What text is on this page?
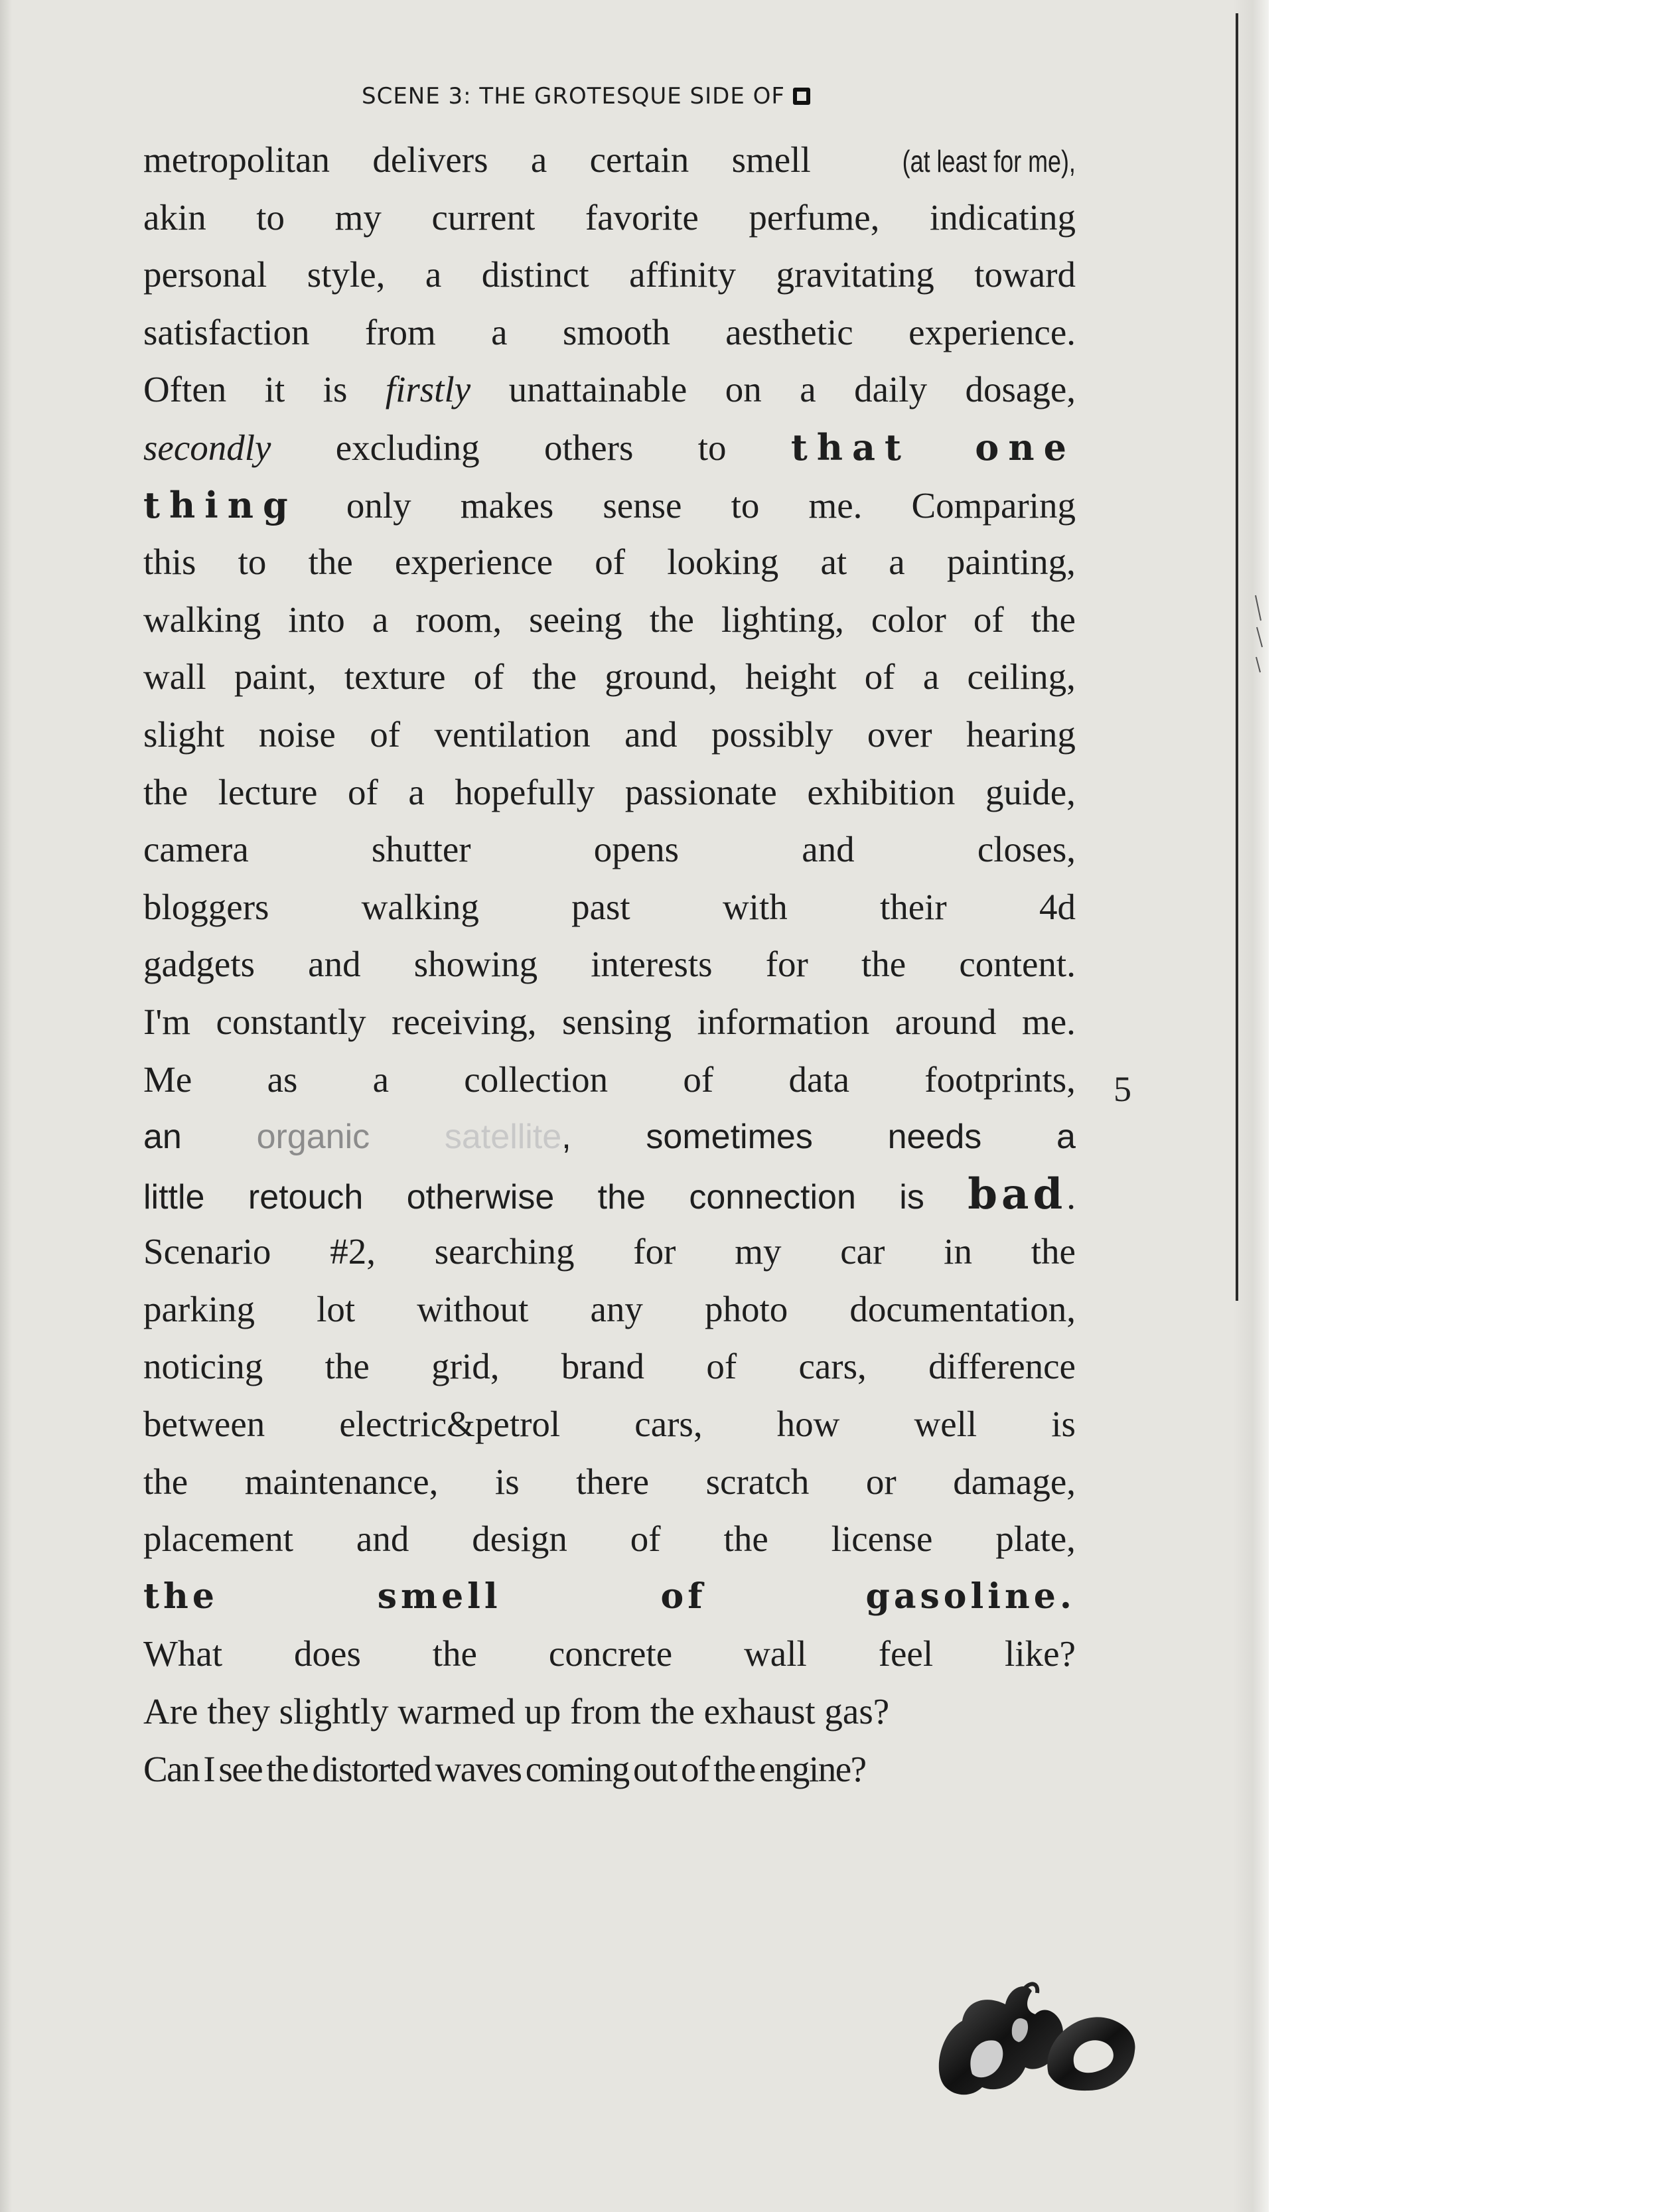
SCENE 3: THE GROTESQUE SIDE OF
metropolitan delivers a certain smell	(at least for me),
akin to my current favorite perfume, indicating
personal style, a distinct affinity gravitating toward
satisfaction from a smooth aesthetic experience.
Often it is firstly unattainable on a daily dosage,
secondly excluding others to that one
thing only makes sense to me. Comparing
this to the experience of looking at a painting,
walking into a room, seeing the lighting, color of the
wall paint, texture of the ground, height of a ceiling,
slight noise of ventilation and possibly over hearing
the lecture of a hopefully passionate exhibition guide,
camera	shutter	opens	and	closes,
bloggers	walking	past	with	their	4d
gadgets and showing interests for the content.
I'm constantly receiving, sensing information around me.
Me as a collection of data footprints,
an organic satellite, sometimes needs a
little retouch otherwise the connection is bad.
Scenario #2, searching for my car in the
parking lot without any photo documentation,
noticing the grid, brand of cars, difference
between electric&petrol cars, how well is
the maintenance, is there scratch or damage,
placement and design of the license plate,
the	smell	of	gasoline.
What does the concrete wall feel like?
Are they slightly warmed up from the exhaust gas?
Can I see the distorted waves coming out of the engine?
5
